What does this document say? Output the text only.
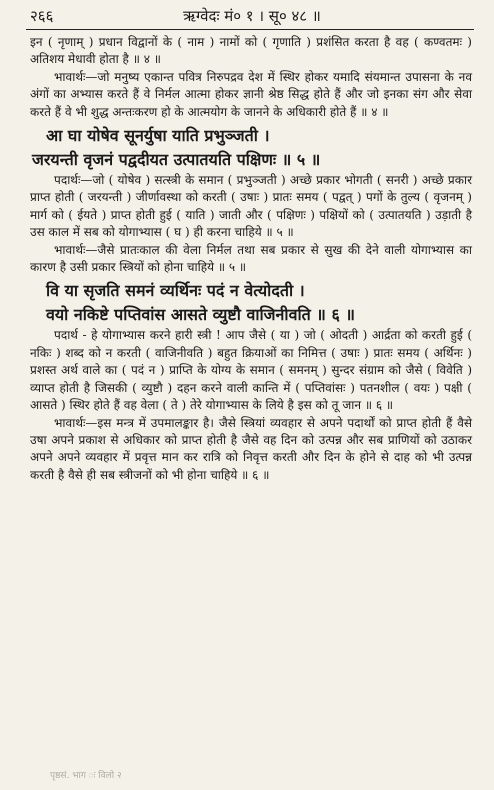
२६६	ऋग्वेदः मं० १ । सू० ४८ ॥

इन ( नृणाम् ) प्रधान विद्वानों के ( नाम ) नामों को ( गृणाति ) प्रशंसित करता है वह ( कण्वतमः ) अतिशय मेधावी होता है ॥ ४ ॥

भावार्थः—जो मनुष्य एकान्त पवित्र निरुपद्रव देश में स्थिर होकर यमादि संयमान्त उपासना के नव अंगों का अभ्यास करते हैं वे निर्मल आत्मा होकर ज्ञानी श्रेष्ठ सिद्ध होते हैं और जो इनका संग और सेवा करते हैं वे भी शुद्ध अन्तःकरण हो के आत्मयोग के जानने के अधिकारी होते हैं ॥ ४ ॥

आ घा योषेव सूनर्युषा याति प्रभुञ्जती ।

जरयन्ती वृजनं पद्वदीयत उत्पातयति पक्षिणः ॥ ५ ॥

पदार्थः—जो ( योषेव ) सत्स्त्री के समान ( प्रभुञ्जती ) अच्छे प्रकार भोगती ( सनरी ) अच्छे प्रकार प्राप्त होती ( जरयन्ती ) जीर्णावस्था को करती ( उषाः ) प्रातः समय ( पद्वत् ) पगों के तुल्य ( वृजनम् ) मार्ग को ( ईयते ) प्राप्त होती हुई ( याति ) जाती और ( पक्षिणः ) पक्षियों को ( उत्पातयति ) उड़ाती है उस काल में सब को योगाभ्यास ( घ ) ही करना चाहिये ॥ ५ ॥

भावार्थः—जैसे प्रातःकाल की वेला निर्मल तथा सब प्रकार से सुख की देने वाली योगाभ्यास का कारण है उसी प्रकार स्त्रियों को होना चाहिये ॥ ५ ॥

वि या सृजति समनं व्यर्थिनः पदं न वेत्योदती ।

वयो नकिष्टे पप्तिवांस आसते व्युष्टौ वाजिनीवति ॥ ६ ॥

पदार्थ - हे योगाभ्यास करने हारी स्त्री ! आप जैसे ( या ) जो ( ओदती ) आर्द्रता को करती हुई ( नकिः ) शब्द को न करती ( वाजिनीवति ) बहुत क्रियाओं का निमित्त ( उषाः ) प्रातः समय ( अर्थिनः ) प्रशस्त अर्थ वाले का ( पदं न ) प्राप्ति के योग्य के समान ( समनम् ) सुन्दर संग्राम को जैसे ( विवेति ) व्याप्त होती है जिसकी ( व्युष्टौ ) दहन करने वाली कान्ति में ( पप्तिवांसः ) पतनशील ( वयः ) पक्षी ( आसते ) स्थिर होते हैं वह वेला ( ते ) तेरे योगाभ्यास के लिये है इस को तू जान ॥ ६ ॥

भावार्थः—इस मन्त्र में उपमालङ्कार है। जैसे स्त्रियां व्यवहार से अपने पदार्थों को प्राप्त होती हैं वैसे उषा अपने प्रकाश से अधिकार को प्राप्त होती है जैसे वह दिन को उत्पन्न और सब प्राणियों को उठाकर अपने अपने व्यवहार में प्रवृत्त मान कर रात्रि को निवृत्त करती और दिन के होने से दाह को भी उत्पन्न करती है वैसे ही सब स्त्रीजनों को भी होना चाहिये ॥ ६ ॥

पृष्ठसं. भाग ः विलो २
